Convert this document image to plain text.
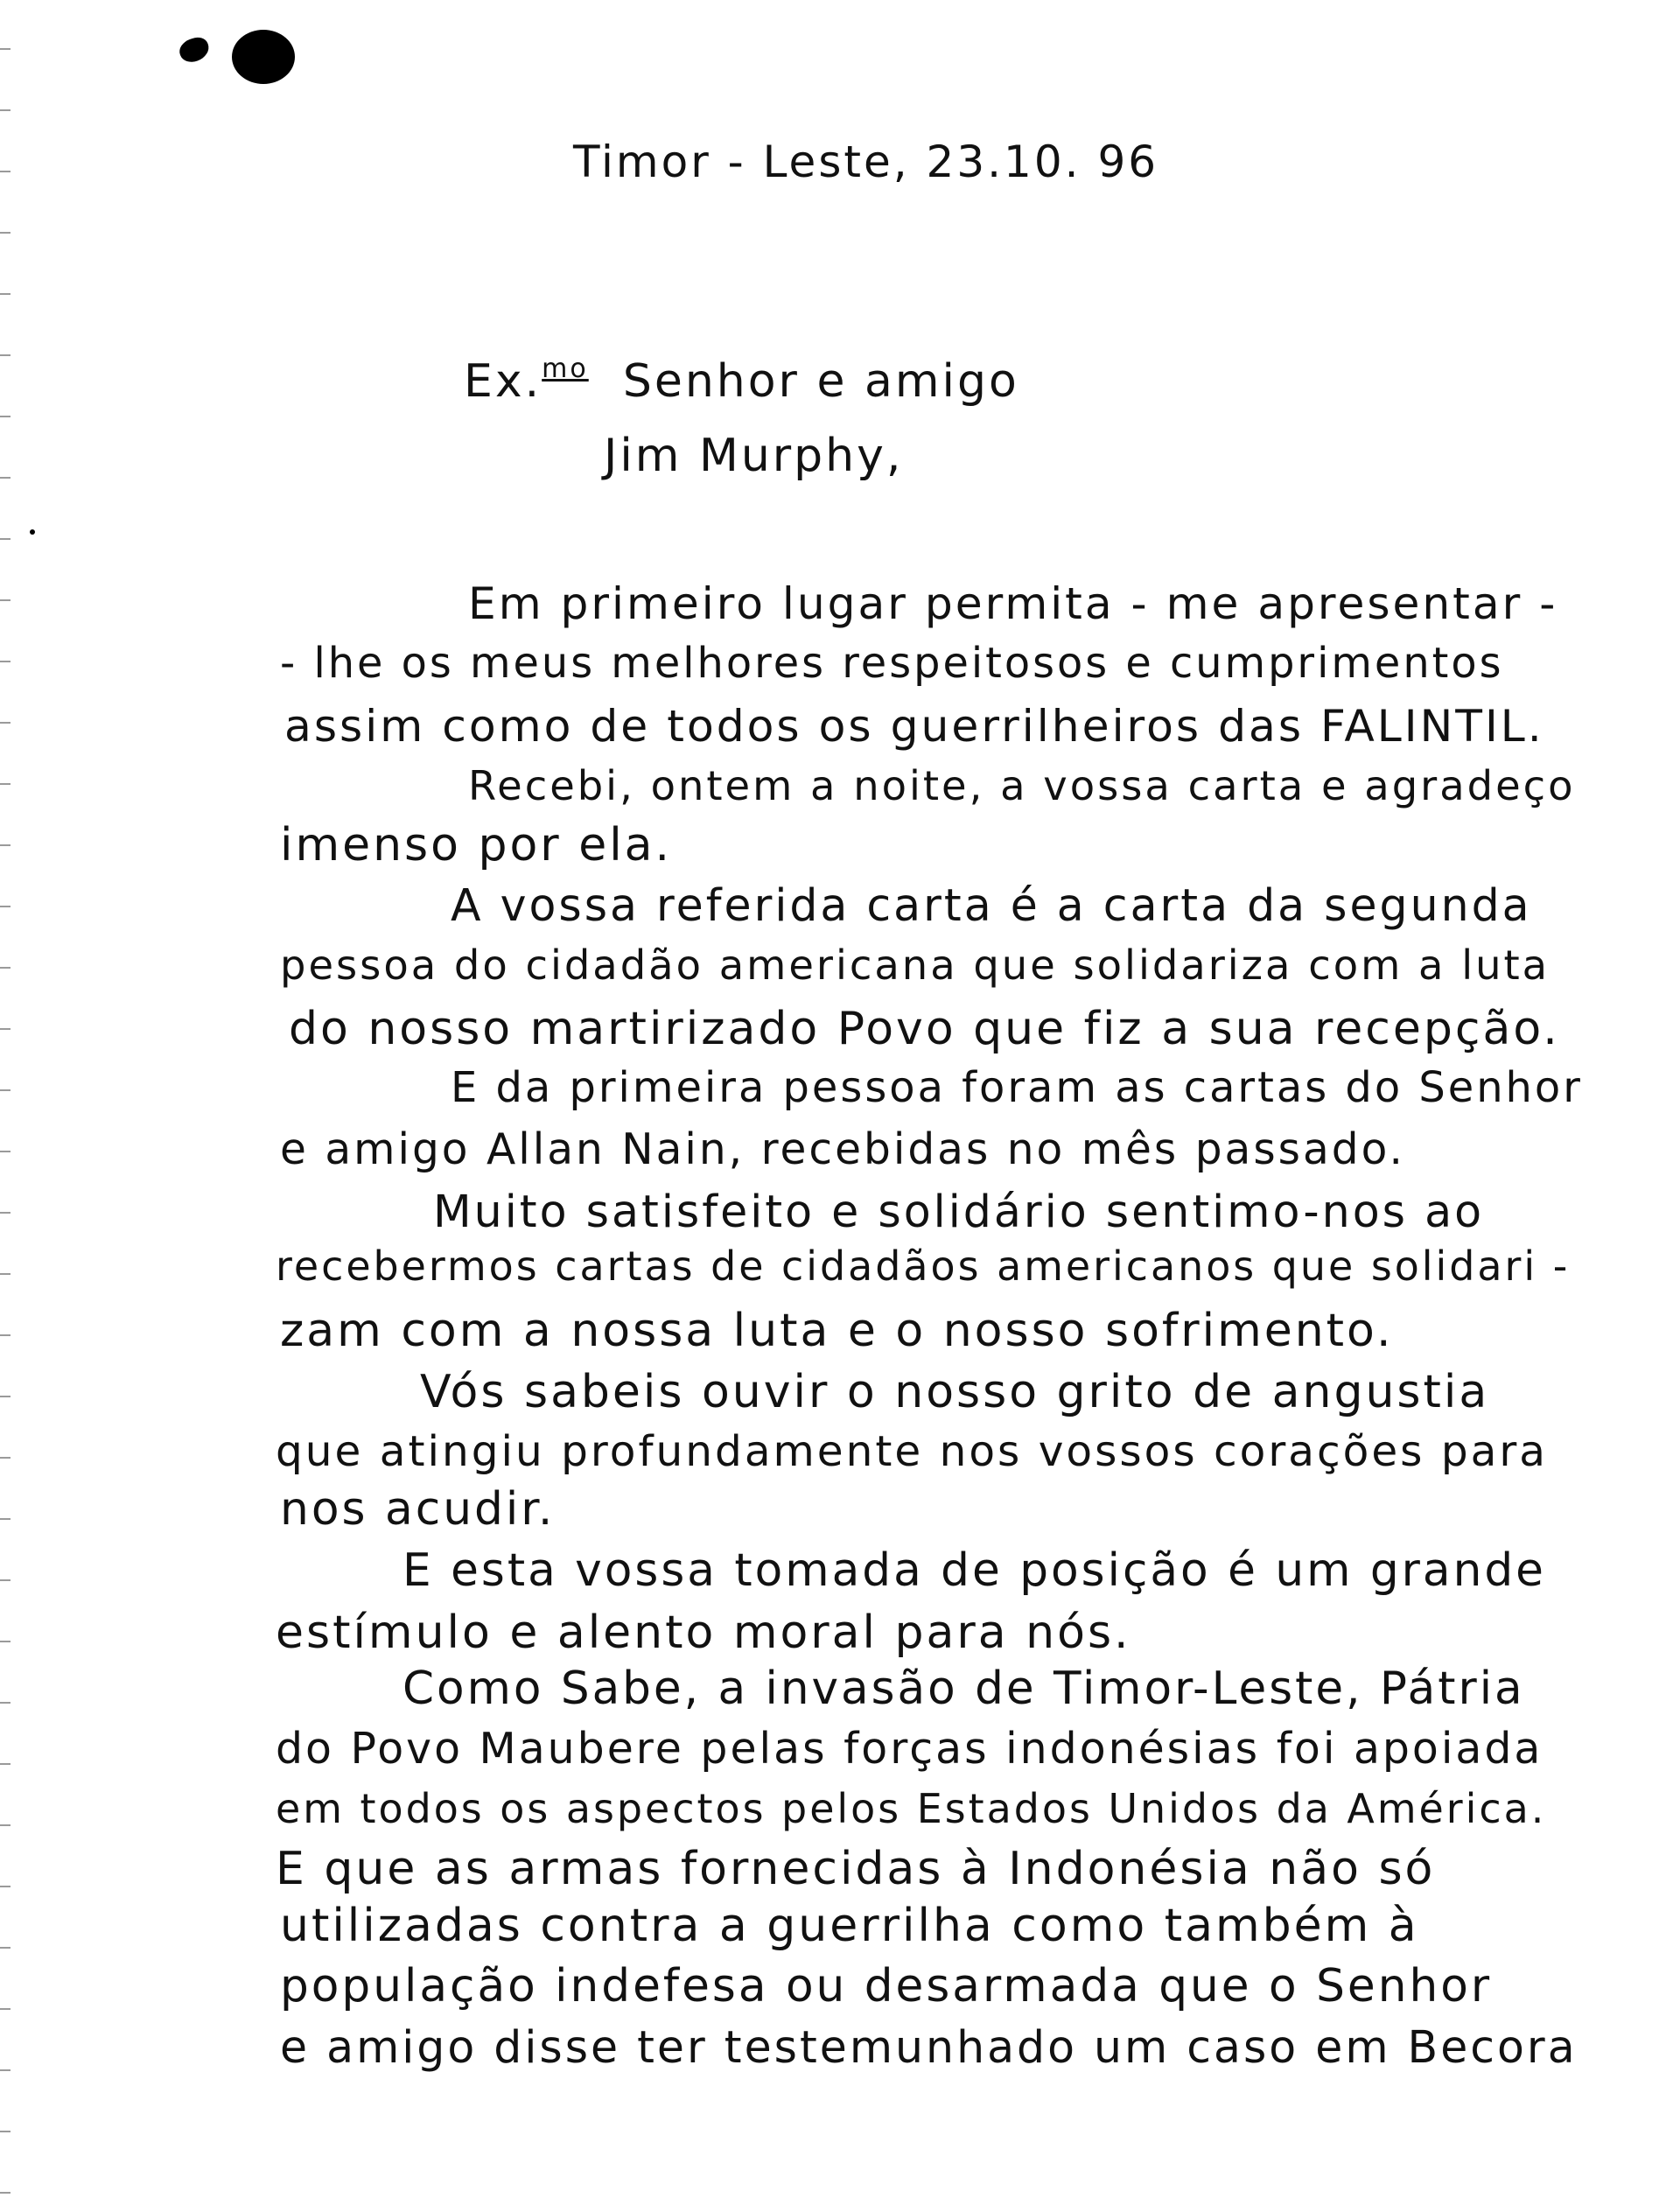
Timor - Leste, 23.10. 96
Ex.$^{mo}$ Senhor e amigo
Jim Murphy,
Em primeiro lugar permita - me apresentar -
- lhe os meus melhores respeitosos e cumprimentos
assim como de todos os guerrilheiros das FALINTIL.
Recebi, ontem a noite, a vossa carta e agradeço
imenso por ela.
A vossa referida carta é a carta da segunda
pessoa do cidadão americana que solidariza com a luta
do nosso martirizado Povo que fiz a sua recepção.
E da primeira pessoa foram as cartas do Senhor
e amigo Allan Nain, recebidas no mês passado.
Muito satisfeito e solidário sentimo-nos ao
recebermos cartas de cidadãos americanos que solidari -
zam com a nossa luta e o nosso sofrimento.
Vós sabeis ouvir o nosso grito de angustia
que atingiu profundamente nos vossos corações para
nos acudir.
E esta vossa tomada de posição é um grande
estímulo e alento moral para nós.
Como Sabe, a invasão de Timor-Leste, Pátria
do Povo Maubere pelas forças indonésias foi apoiada
em todos os aspectos pelos Estados Unidos da América.
E que as armas fornecidas à Indonésia não só
utilizadas contra a guerrilha como também à
população indefesa ou desarmada que o Senhor
e amigo disse ter testemunhado um caso em Becora
